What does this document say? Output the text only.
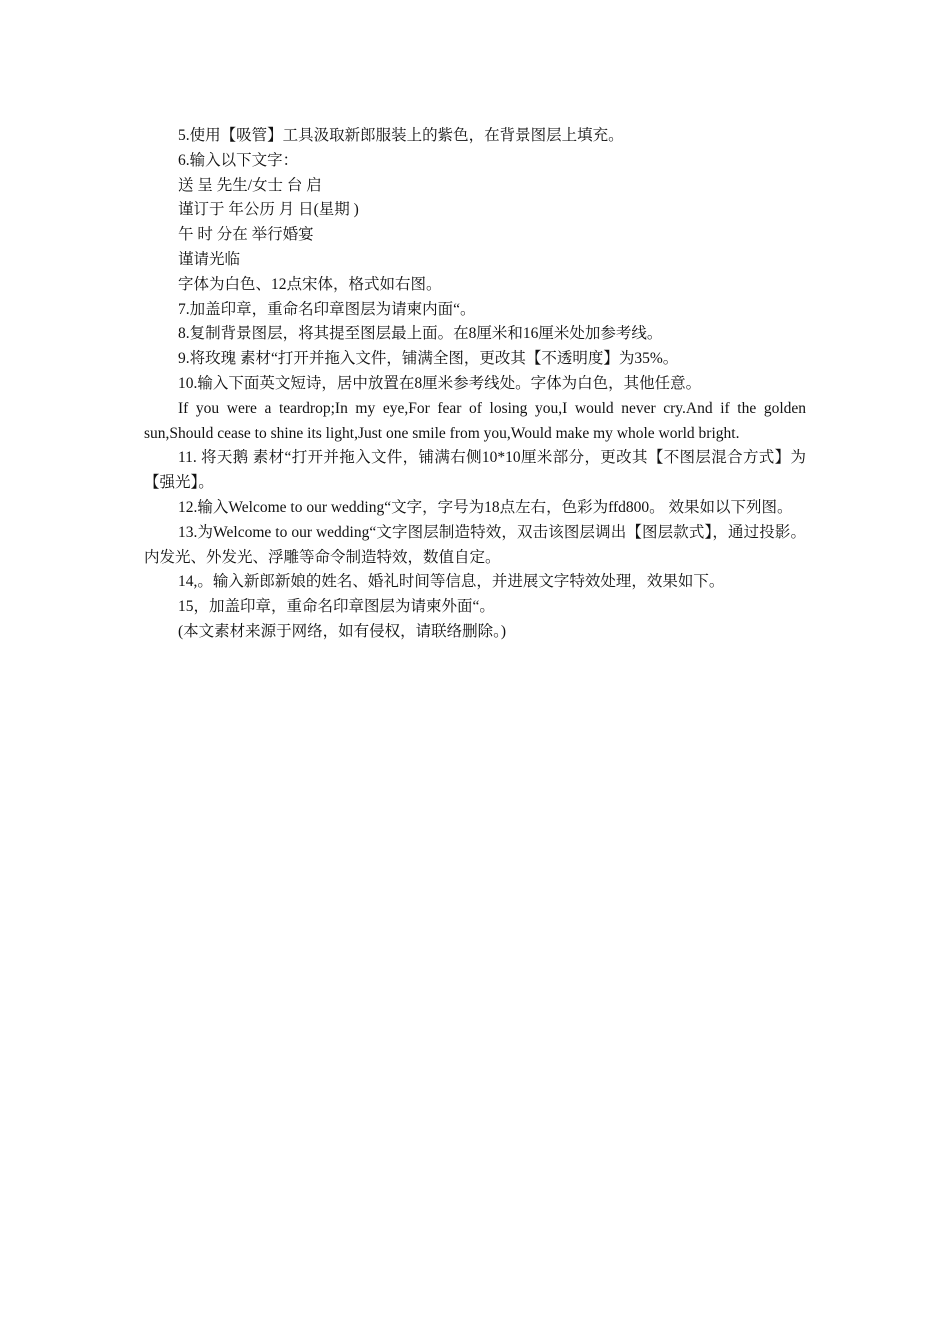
5.使用【吸管】工具汲取新郎服装上的紫色，在背景图层上填充。

6.输入以下文字：

送 呈 先生/女士 台 启

谨订于 年公历 月 日(星期 )

午 时 分在 举行婚宴

谨请光临

字体为白色、12点宋体，格式如右图。

7.加盖印章，重命名印章图层为请柬内面“。

8.复制背景图层，将其提至图层最上面。在8厘米和16厘米处加参考线。

9.将玫瑰 素材“打开并拖入文件，铺满全图，更改其【不透明度】为35%。

10.输入下面英文短诗，居中放置在8厘米参考线处。字体为白色，其他任意。

If you were a teardrop;In my eye,For fear of losing you,I would never cry.And if the golden sun,Should cease to shine its light,Just one smile from you,Would make my whole world bright.

11. 将天鹅 素材“打开并拖入文件，铺满右侧10*10厘米部分，更改其【不图层混合方式】为【强光】。

12.输入Welcome to our wedding“文字，字号为18点左右，色彩为ffd800。 效果如以下列图。

13.为Welcome to our wedding“文字图层制造特效，双击该图层调出【图层款式】，通过投影。内发光、外发光、浮雕等命令制造特效，数值自定。

14,。输入新郎新娘的姓名、婚礼时间等信息，并进展文字特效处理，效果如下。

15，加盖印章，重命名印章图层为请柬外面“。

(本文素材来源于网络，如有侵权，请联络删除。)
